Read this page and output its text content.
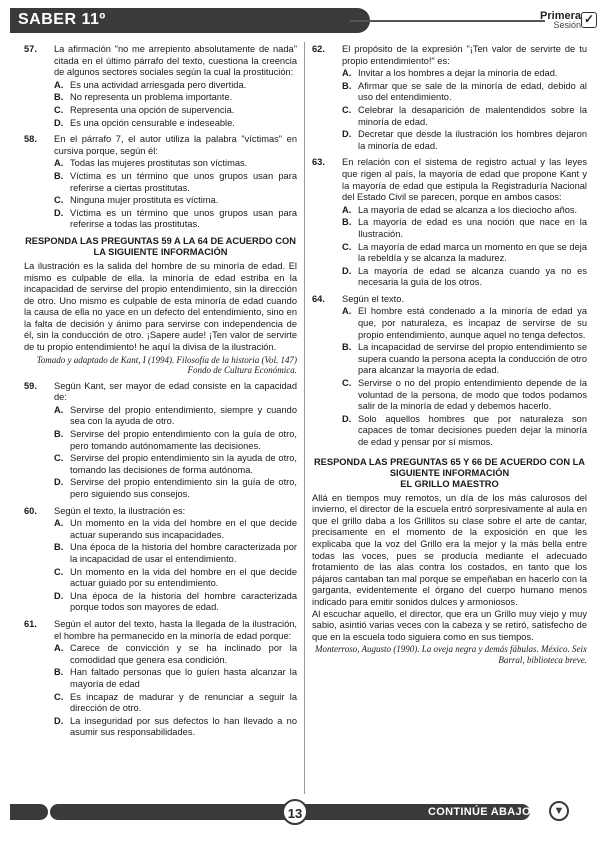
SABER 11º	Primera
Sesión ✓
57. La afirmación "no me arrepiento absolutamente de nada" citada en el último párrafo del texto, cuestiona la creencia de algunos sectores sociales según la cual la prostitución:
A. Es una actividad arriesgada pero divertida.
B. No representa un problema importante.
C. Representa una opción de supervencia.
D. Es una opción censurable e indeseable.
58. En el párrafo 7, el autor utiliza la palabra "víctimas" en cursiva porque, según él:
A. Todas las mujeres prostitutas son víctimas.
B. Víctima es un término que unos grupos usan para referirse a ciertas prostitutas.
C. Ninguna mujer prostituta es víctima.
D. Víctima es un término que unos grupos usan para referirse a todas las prostitutas.
RESPONDA LAS PREGUNTAS 59 A LA 64 DE ACUERDO CON LA SIGUIENTE INFORMACIÓN
La ilustración es la salida del hombre de su minoría de edad. El mismo es culpable de ella. la minoría de edad estriba en la incapacidad de servirse del propio entendimiento, sin la dirección de otro. Uno mismo es culpable de esta minoría de edad cuando la causa de ella no yace en un defecto del entendimiento, sino en la falta de decisión y ánimo para servirse con independencia de él, sin la conducción de otro. ¡Sapere aude! ¡Ten valor de servirte de tu propio entendimiento! he aquí la divisa de la ilustración.
Tomado y adaptado de Kant, I (1994). Filosofía de la historia (Vol. 147) Fondo de Cultura Económica.
59. Según Kant, ser mayor de edad consiste en la capacidad de:
A. Servirse del propio entendimiento, siempre y cuando sea con la ayuda de otro.
B. Servirse del propio entendimiento con la guía de otro, pero tomando autónomamente las decisiones.
C. Servirse del propio entendimiento sin la ayuda de otro, tomando las decisiones de forma autónoma.
D. Servirse del propio entendimiento sin la guía de otro, pero siguiendo sus consejos.
60. Según el texto, la ilustración es:
A. Un momento en la vida del hombre en el que decide actuar superando sus incapacidades.
B. Una época de la historia del hombre caracterizada por la incapacidad de usar el entendimiento.
C. Un momento en la vida del hombre en el que decide actuar guiado por su entendimiento.
D. Una época de la historia del hombre caracterizada porque todos son mayores de edad.
61. Según el autor del texto, hasta la llegada de la ilustración, el hombre ha permanecido en la minoría de edad porque:
A. Carece de convicción y se ha inclinado por la comodidad que genera esa condición.
B. Han faltado personas que lo guíen hasta alcanzar la mayoría de edad
C. Es incapaz de madurar y de renunciar a seguir la dirección de otro.
D. La inseguridad por sus defectos lo han llevado a no asumir sus responsabilidades.
62. El propósito de la expresión "¡Ten valor de servirte de tu propio entendimiento!" es:
A. Invitar a los hombres a dejar la minoría de edad.
B. Afirmar que se sale de la minoría de edad, debido al uso del entendimiento.
C. Celebrar la desaparición de malentendidos sobre la minoría de edad.
D. Decretar que desde la ilustración los hombres dejaron la minoría de edad.
63. En relación con el sistema de registro actual y las leyes que rigen al país, la mayoría de edad que propone Kant y la mayoría de edad que estipula la Registraduría Nacional del Estado Civil se parecen, porque en ambos casos:
A. La mayoría de edad se alcanza a los dieciocho años.
B. La mayoría de edad es una noción que nace en la Ilustración.
C. La mayoría de edad marca un momento en que se deja la rebeldía y se alcanza la madurez.
D. La mayoría de edad se alcanza cuando ya no es necesaria la guía de los otros.
64. Según el texto.
A. El hombre está condenado a la minoría de edad ya que, por naturaleza, es incapaz de servirse de su propio entendimiento, aunque aquel no tenga defectos.
B. La incapacidad de servirse del propio entendimiento se supera cuando la persona acepta la conducción de otro para alcanzar la mayoría de edad.
C. Servirse o no del propio entendimiento depende de la voluntad de la persona, de modo que todos podamos salir de la minoría de edad y debemos hacerlo.
D. Solo aquellos hombres que por naturaleza son capaces de tomar decisiones pueden dejar la minoría de edad y pensar por sí mismos.
RESPONDA LAS PREGUNTAS 65 Y 66 DE ACUERDO CON LA SIGUIENTE INFORMACIÓN
EL GRILLO MAESTRO
Allá en tiempos muy remotos, un día de los más calurosos del invierno, el director de la escuela entró sorpresivamente al aula en que el grillo daba a los Grillitos su clase sobre el arte de cantar, precisamente en el momento de la exposición en que les explicaba que la voz del Grillo era la mejor y la más bella entre todas las voces, pues se producía mediante el adecuado frotamiento de las alas contra los costados, en tanto que los pájaros cantaban tan mal porque se empeñaban en hacerlo con la garganta, evidentemente el órgano del cuerpo humano menos indicado para emitir sonidos dulces y armoniosos.
Al escuchar aquello, el director, que era un Grillo muy viejo y muy sabio, asintió varias veces con la cabeza y se retiró, satisfecho de que en la escuela todo siguiera como en sus tiempos.
Monterroso, Augusto (1990). La oveja negra y demás fábulas. México. Seix Barral, biblioteca breve.
13	CONTINÚE ABAJO	▼
